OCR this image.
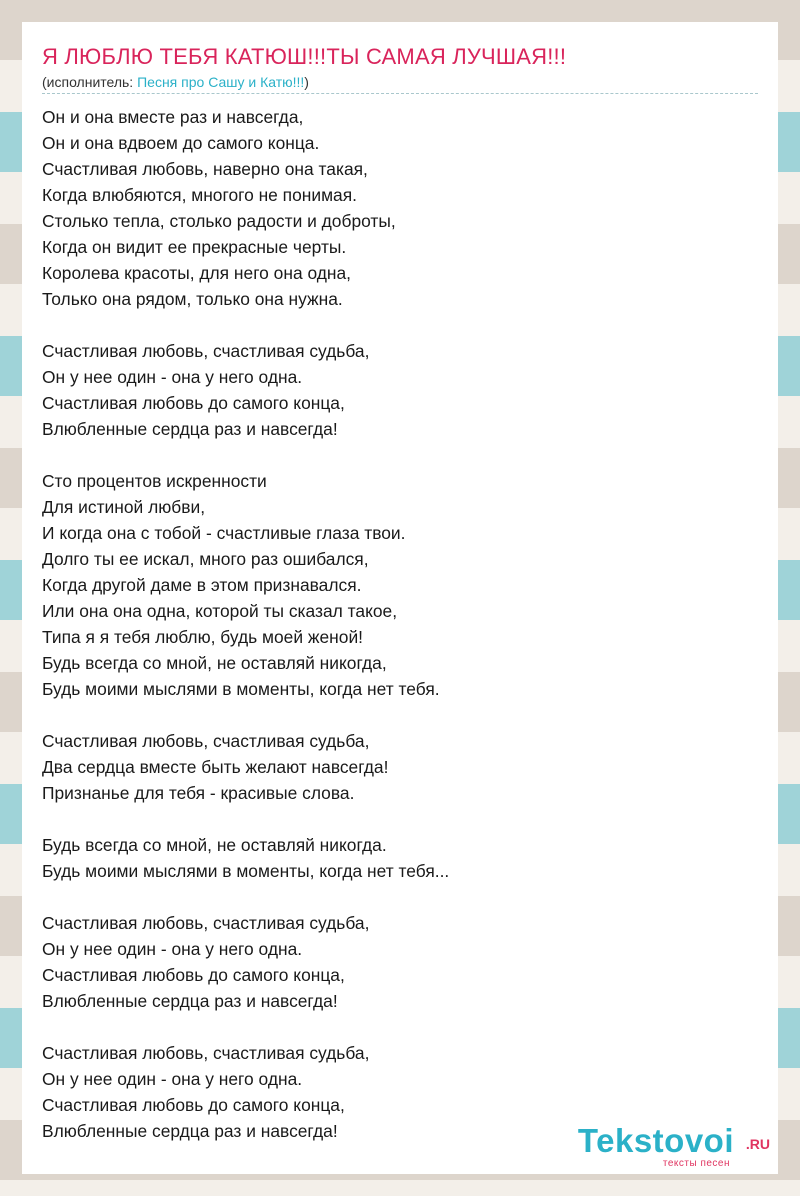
Я ЛЮБЛЮ ТЕБЯ КАТЮШ!!!ТЫ САМАЯ ЛУЧШАЯ!!!
(исполнитель: Песня про Сашу и Катю!!!)
Он и она вместе раз и навсегда,
Он и она вдвоем до самого конца.
Счастливая любовь, наверно она такая,
Когда влюбяются, многого не понимая.
Столько тепла, столько радости и доброты,
Когда он видит ее прекрасные черты.
Королева красоты, для него она одна,
Только она рядом, только она нужна.
Счастливая любовь, счастливая судьба,
Он у нее один - она у него одна.
Счастливая любовь до самого конца,
Влюбленные сердца раз и навсегда!
Сто процентов искренности
Для истиной любви,
И когда она с тобой - счастливые глаза твои.
Долго ты ее искал, много раз ошибался,
Когда другой даме в этом признавался.
Или она она одна, которой ты сказал такое,
Типа я я тебя люблю, будь моей женой!
Будь всегда со мной, не оставляй никогда,
Будь моими мыслями в моменты, когда нет тебя.
Счастливая любовь, счастливая судьба,
Два сердца вместе быть желают навсегда!
Признанье для тебя - красивые слова.
Будь всегда со мной, не оставляй никогда.
Будь моими мыслями в моменты, когда нет тебя...
Счастливая любовь, счастливая судьба,
Он у нее один - она у него одна.
Счастливая любовь до самого конца,
Влюбленные сердца раз и навсегда!
Счастливая любовь, счастливая судьба,
Он у нее один - она у него одна.
Счастливая любовь до самого конца,
Влюбленные сердца раз и навсегда!	Tekstovoi .RU
тексты песен
